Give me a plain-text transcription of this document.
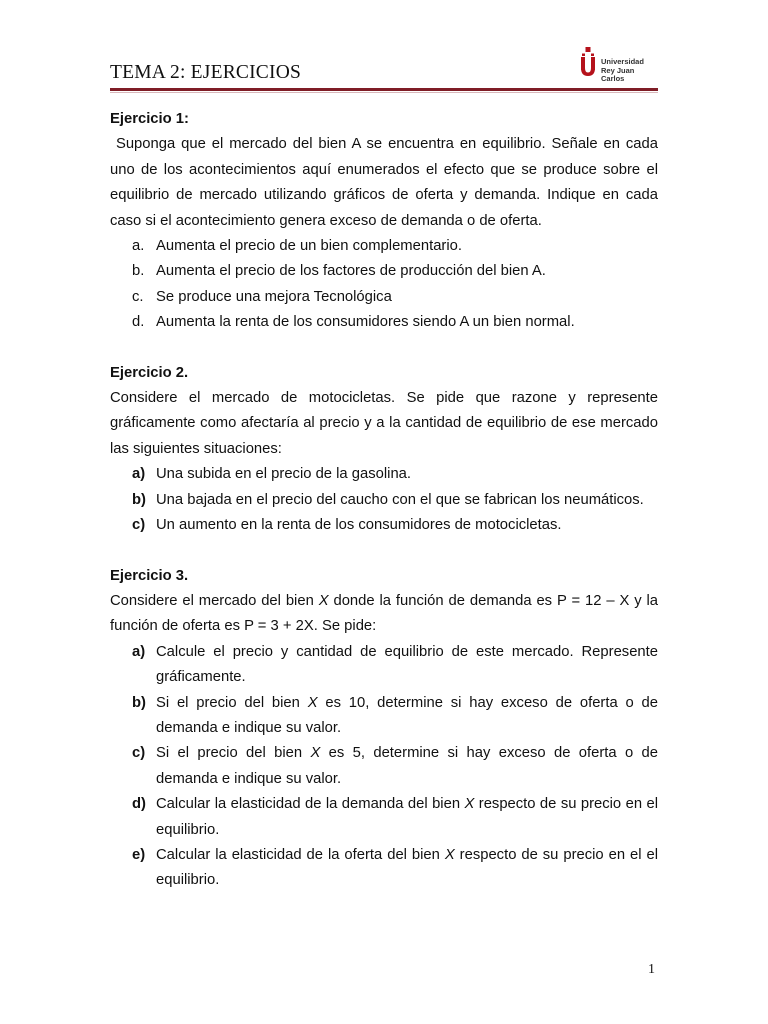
TEMA 2: EJERCICIOS
Universidad
Rey Juan Carlos
Ejercicio 1:
Suponga que el mercado del bien A se encuentra en equilibrio. Señale en cada uno de los acontecimientos aquí enumerados el efecto que se produce sobre el equilibrio de mercado utilizando gráficos de oferta y demanda. Indique en cada caso si el acontecimiento genera exceso de demanda o de oferta.
a. Aumenta el precio de un bien complementario.
b. Aumenta el precio de los factores de producción del bien A.
c. Se produce una mejora Tecnológica
d. Aumenta la renta de los consumidores siendo A un bien normal.
Ejercicio 2.
Considere el mercado de motocicletas. Se pide que razone y represente gráficamente como afectaría al precio y a la cantidad de equilibrio de ese mercado las siguientes situaciones:
a) Una subida en el precio de la gasolina.
b) Una bajada en el precio del caucho con el que se fabrican los neumáticos.
c) Un aumento en la renta de los consumidores de motocicletas.
Ejercicio 3.
Considere el mercado del bien X donde la función de demanda es P = 12 – X y la función de oferta es P = 3 + 2X. Se pide:
a) Calcule el precio y cantidad de equilibrio de este mercado. Represente gráficamente.
b) Si el precio del bien X es 10, determine si hay exceso de oferta o de demanda e indique su valor.
c) Si el precio del bien X es 5, determine si hay exceso de oferta o de demanda e indique su valor.
d) Calcular la elasticidad de la demanda del bien X respecto de su precio en el equilibrio.
e) Calcular la elasticidad de la oferta del bien X respecto de su precio en el el equilibrio.
1
